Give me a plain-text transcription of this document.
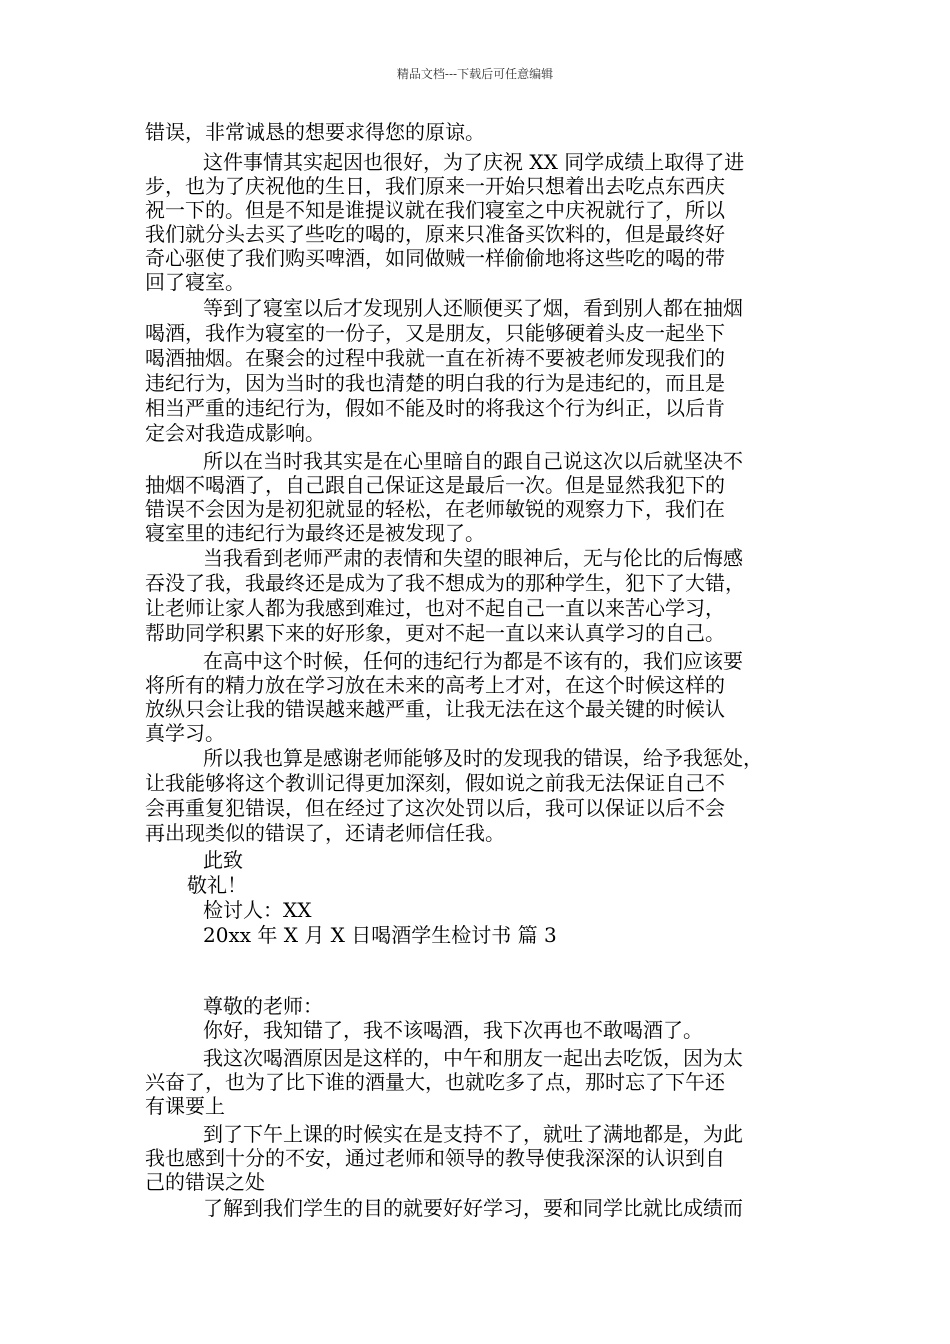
精品文档---下载后可任意编辑
错误，非常诚恳的想要求得您的原谅。
这件事情其实起因也很好，为了庆祝 XX 同学成绩上取得了进
步，也为了庆祝他的生日，我们原来一开始只想着出去吃点东西庆
祝一下的。但是不知是谁提议就在我们寝室之中庆祝就行了，所以
我们就分头去买了些吃的喝的，原来只准备买饮料的，但是最终好
奇心驱使了我们购买啤酒，如同做贼一样偷偷地将这些吃的喝的带
回了寝室。
等到了寝室以后才发现别人还顺便买了烟，看到别人都在抽烟
喝酒，我作为寝室的一份子，又是朋友，只能够硬着头皮一起坐下
喝酒抽烟。在聚会的过程中我就一直在祈祷不要被老师发现我们的
违纪行为，因为当时的我也清楚的明白我的行为是违纪的，而且是
相当严重的违纪行为，假如不能及时的将我这个行为纠正，以后肯
定会对我造成影响。
所以在当时我其实是在心里暗自的跟自己说这次以后就坚决不
抽烟不喝酒了，自己跟自己保证这是最后一次。但是显然我犯下的
错误不会因为是初犯就显的轻松，在老师敏锐的观察力下，我们在
寝室里的违纪行为最终还是被发现了。
当我看到老师严肃的表情和失望的眼神后，无与伦比的后悔感
吞没了我，我最终还是成为了我不想成为的那种学生，犯下了大错，
让老师让家人都为我感到难过，也对不起自己一直以来苦心学习，
帮助同学积累下来的好形象，更对不起一直以来认真学习的自己。
在高中这个时候，任何的违纪行为都是不该有的，我们应该要
将所有的精力放在学习放在未来的高考上才对，在这个时候这样的
放纵只会让我的错误越来越严重，让我无法在这个最关键的时候认
真学习。
所以我也算是感谢老师能够及时的发现我的错误，给予我惩处，
让我能够将这个教训记得更加深刻，假如说之前我无法保证自己不
会再重复犯错误，但在经过了这次处罚以后，我可以保证以后不会
再出现类似的错误了，还请老师信任我。
此致
敬礼！
检讨人：XX
20xx 年 X 月 X 日喝酒学生检讨书 篇 3
尊敬的老师：
你好，我知错了，我不该喝酒，我下次再也不敢喝酒了。
我这次喝酒原因是这样的，中午和朋友一起出去吃饭，因为太
兴奋了，也为了比下谁的酒量大，也就吃多了点，那时忘了下午还
有课要上
到了下午上课的时候实在是支持不了，就吐了满地都是，为此
我也感到十分的不安，通过老师和领导的教导使我深深的认识到自
己的错误之处
了解到我们学生的目的就要好好学习，要和同学比就比成绩而
